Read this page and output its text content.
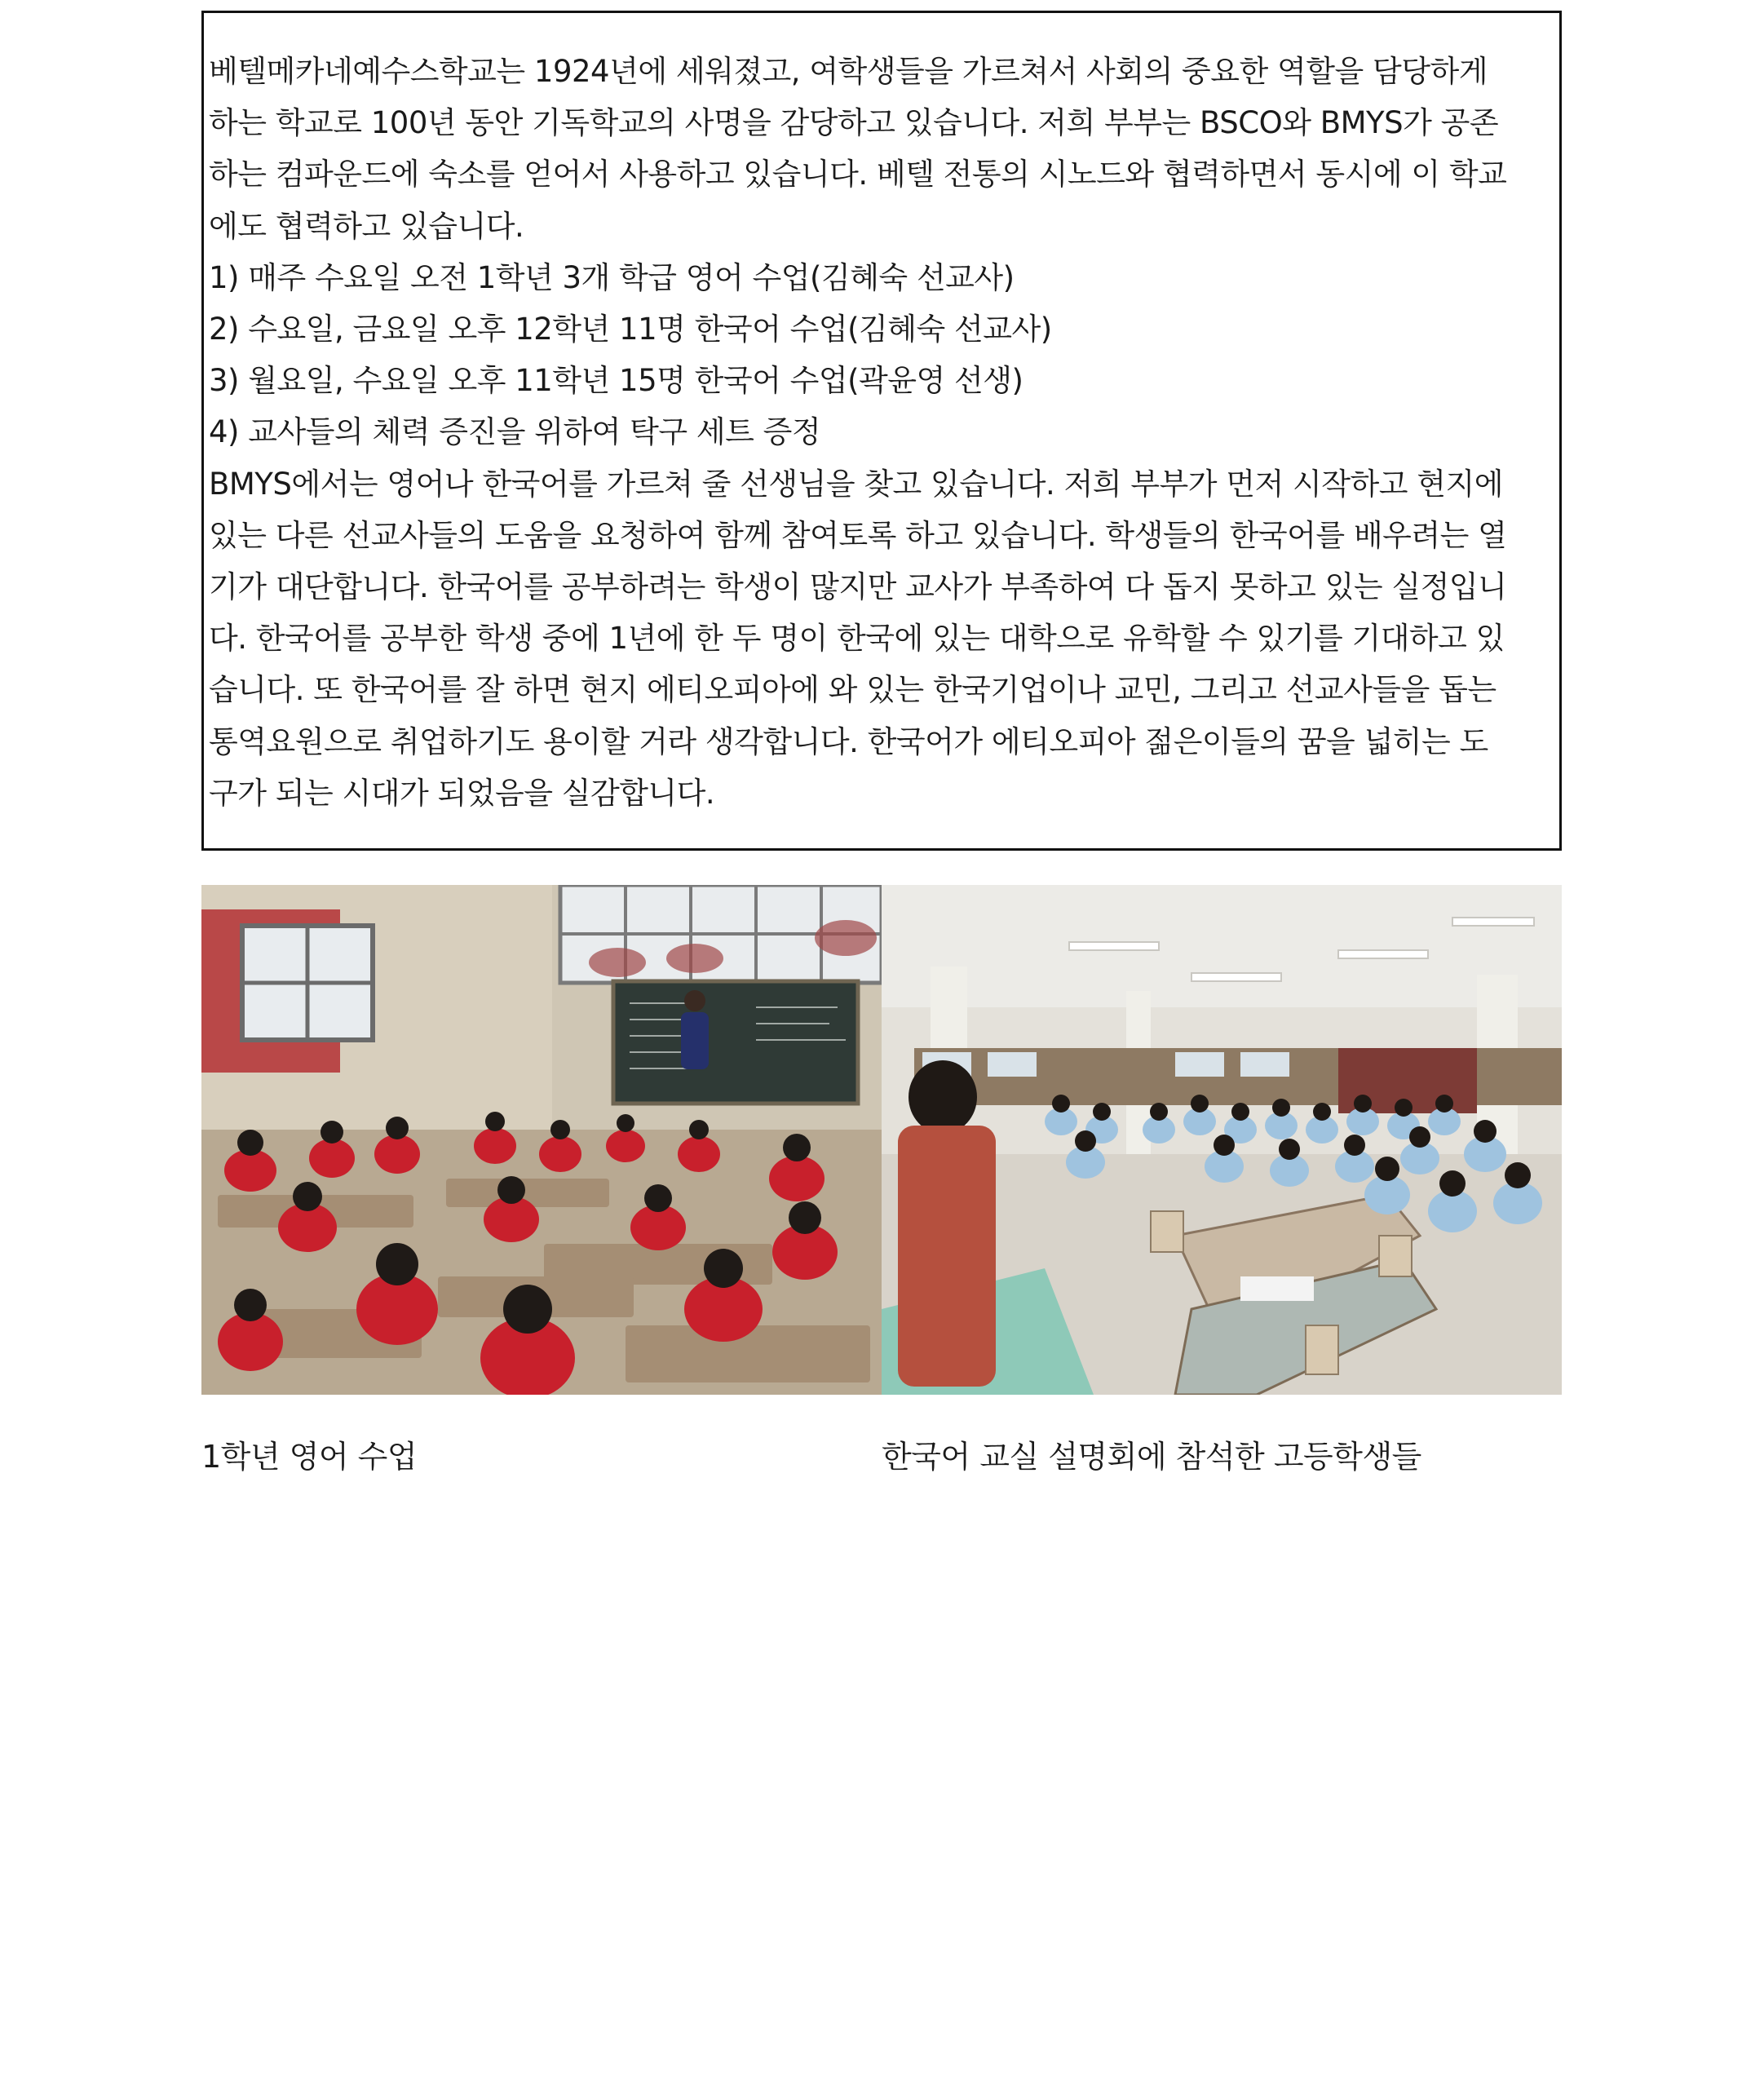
베텔메카네예수스학교는 1924년에 세워졌고, 여학생들을 가르쳐서 사회의 중요한 역할을 담당하게

하는 학교로 100년 동안 기독학교의 사명을 감당하고 있습니다. 저희 부부는 BSCO와 BMYS가 공존

하는 컴파운드에 숙소를 얻어서 사용하고 있습니다. 베텔 전통의 시노드와 협력하면서 동시에 이 학교

에도 협력하고 있습니다.

1) 매주 수요일 오전 1학년 3개 학급 영어 수업(김혜숙 선교사)

2) 수요일, 금요일 오후 12학년 11명 한국어 수업(김혜숙 선교사)

3) 월요일, 수요일 오후 11학년 15명 한국어 수업(곽윤영 선생)

4) 교사들의 체력 증진을 위하여 탁구 세트 증정

BMYS에서는 영어나 한국어를 가르쳐 줄 선생님을 찾고 있습니다. 저희 부부가 먼저 시작하고 현지에

있는 다른 선교사들의 도움을 요청하여 함께 참여토록 하고 있습니다. 학생들의 한국어를 배우려는 열

기가 대단합니다. 한국어를 공부하려는 학생이 많지만 교사가 부족하여 다 돕지 못하고 있는 실정입니

다. 한국어를 공부한 학생 중에 1년에 한 두 명이 한국에 있는 대학으로 유학할 수 있기를 기대하고 있

습니다. 또 한국어를 잘 하면 현지 에티오피아에 와 있는 한국기업이나 교민, 그리고 선교사들을 돕는

통역요원으로 취업하기도 용이할 거라 생각합니다. 한국어가 에티오피아 젊은이들의 꿈을 넓히는 도

구가 되는 시대가 되었음을 실감합니다.

1학년 영어 수업	한국어 교실 설명회에 참석한 고등학생들
